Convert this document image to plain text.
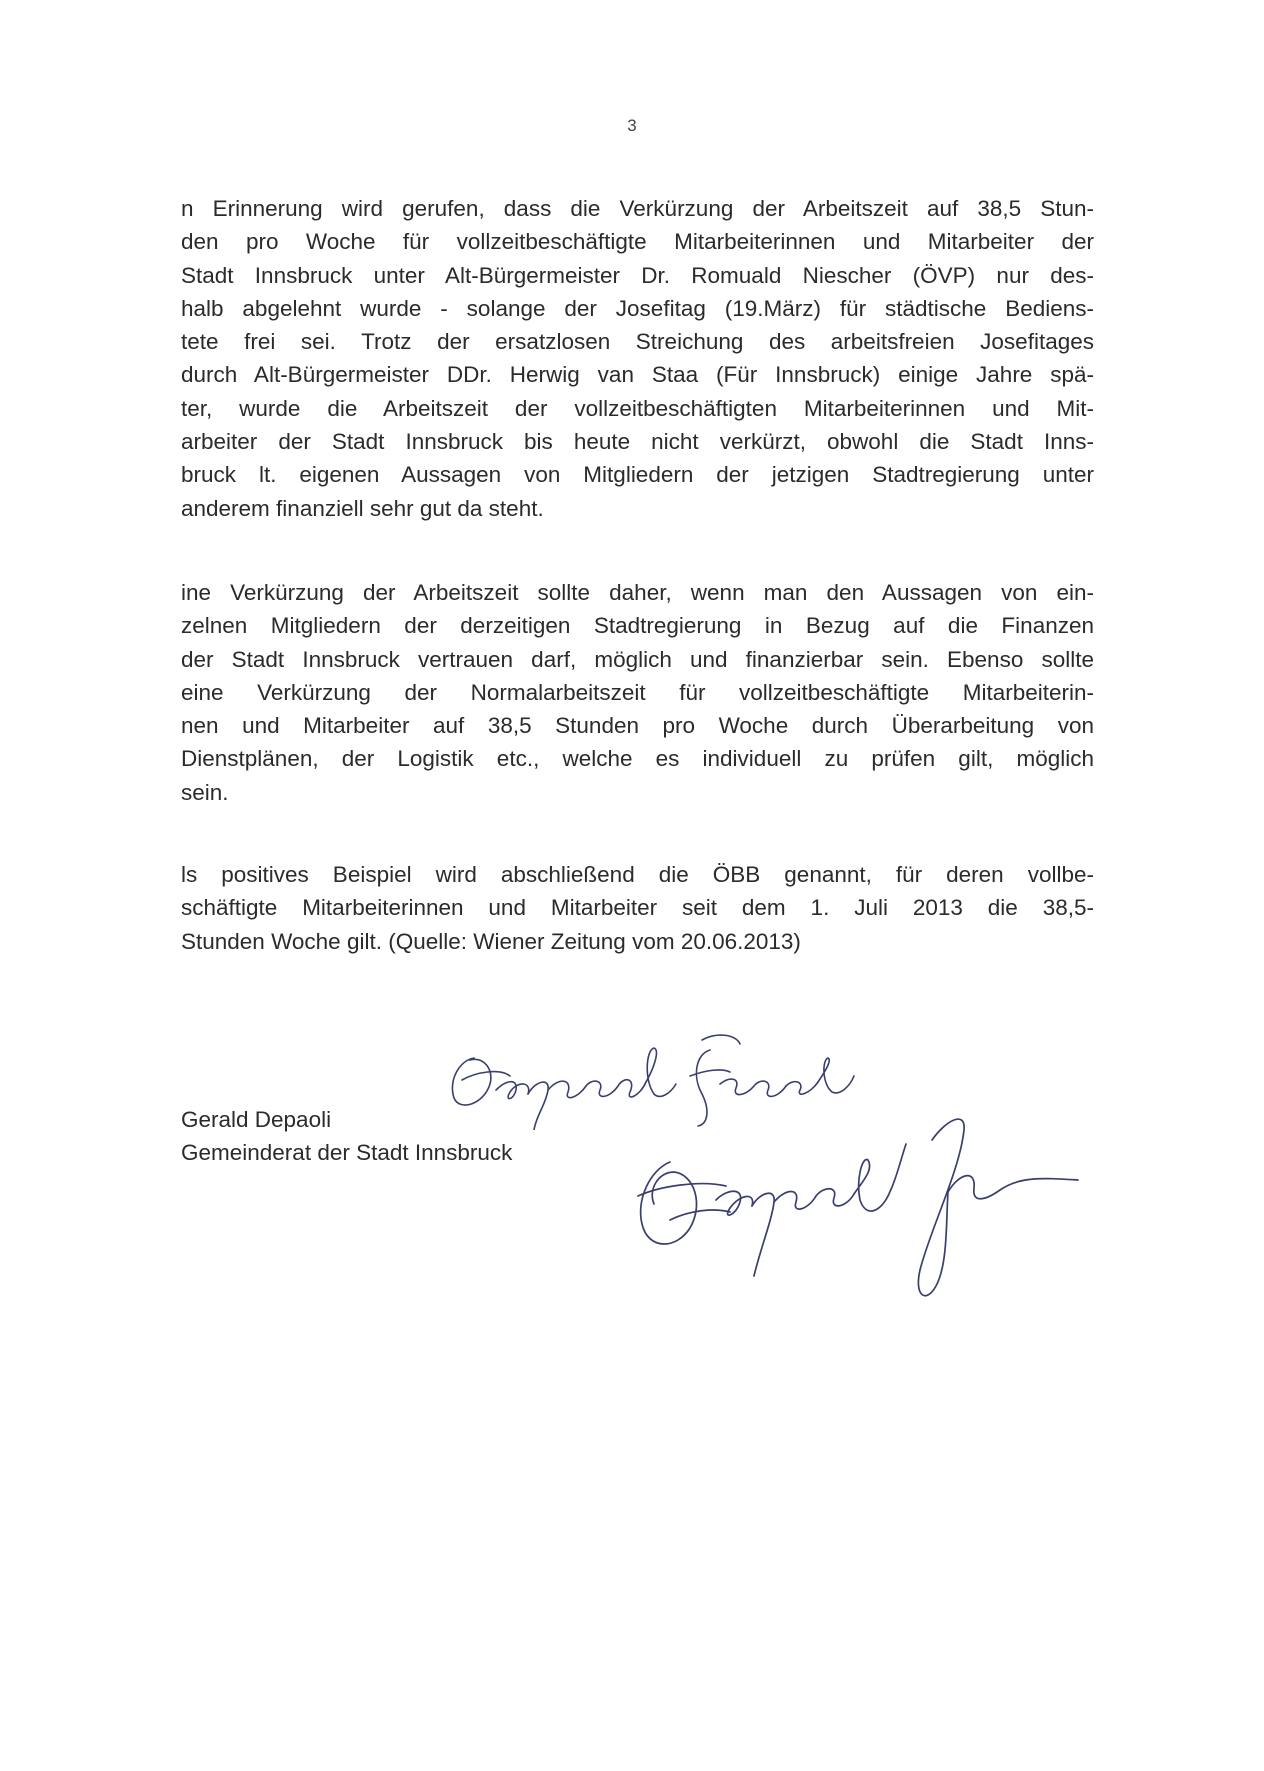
3
n Erinnerung wird gerufen, dass die Verkürzung der Arbeitszeit auf 38,5 Stun-
den pro Woche für vollzeitbeschäftigte Mitarbeiterinnen und Mitarbeiter der
Stadt Innsbruck unter Alt-Bürgermeister Dr. Romuald Niescher (ÖVP) nur des-
halb abgelehnt wurde - solange der Josefitag (19.März) für städtische Bediens-
tete frei sei. Trotz der ersatzlosen Streichung des arbeitsfreien Josefitages
durch Alt-Bürgermeister DDr. Herwig van Staa (Für Innsbruck) einige Jahre spä-
ter, wurde die Arbeitszeit der vollzeitbeschäftigten Mitarbeiterinnen und Mit-
arbeiter der Stadt Innsbruck bis heute nicht verkürzt, obwohl die Stadt Inns-
bruck lt. eigenen Aussagen von Mitgliedern der jetzigen Stadtregierung unter
anderem finanziell sehr gut da steht.
ine Verkürzung der Arbeitszeit sollte daher, wenn man den Aussagen von ein-
zelnen Mitgliedern der derzeitigen Stadtregierung in Bezug auf die Finanzen
der Stadt Innsbruck vertrauen darf, möglich und finanzierbar sein. Ebenso sollte
eine Verkürzung der Normalarbeitszeit für vollzeitbeschäftigte Mitarbeiterin-
nen und Mitarbeiter auf 38,5 Stunden pro Woche durch Überarbeitung von
Dienstplänen, der Logistik etc., welche es individuell zu prüfen gilt, möglich
sein.
ls positives Beispiel wird abschließend die ÖBB genannt, für deren vollbe-
schäftigte Mitarbeiterinnen und Mitarbeiter seit dem 1. Juli 2013 die 38,5-
Stunden Woche gilt. (Quelle: Wiener Zeitung vom 20.06.2013)
Gerald Depaoli
Gemeinderat der Stadt Innsbruck
